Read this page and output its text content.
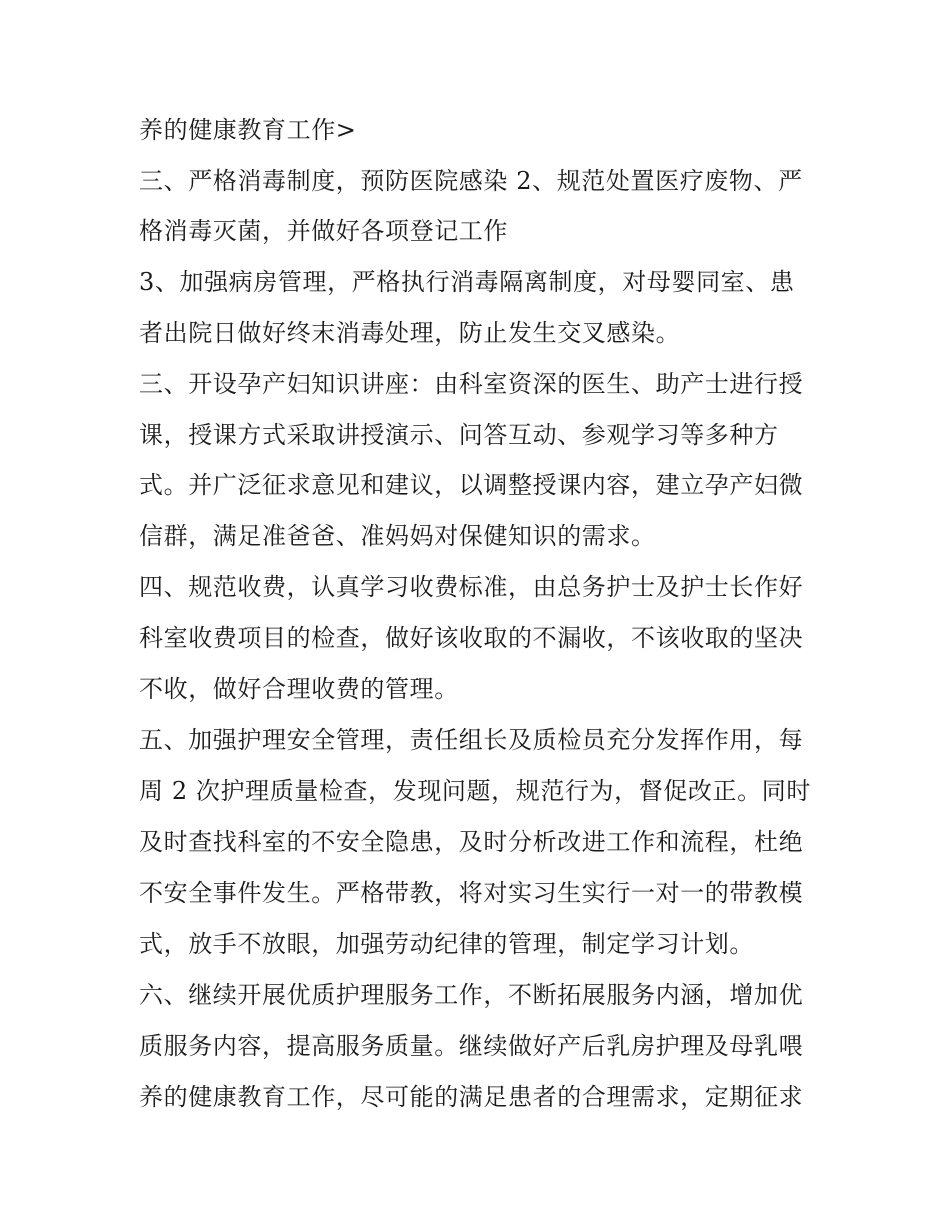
养的健康教育工作>
三、严格消毒制度，预防医院感染 2、规范处置医疗废物、严
格消毒灭菌，并做好各项登记工作
3、加强病房管理，严格执行消毒隔离制度，对母婴同室、患
者出院日做好终末消毒处理，防止发生交叉感染。
三、开设孕产妇知识讲座：由科室资深的医生、助产士进行授
课，授课方式采取讲授演示、问答互动、参观学习等多种方
式。并广泛征求意见和建议，以调整授课内容，建立孕产妇微
信群，满足准爸爸、准妈妈对保健知识的需求。
四、规范收费，认真学习收费标准，由总务护士及护士长作好
科室收费项目的检查，做好该收取的不漏收，不该收取的坚决
不收，做好合理收费的管理。
五、加强护理安全管理，责任组长及质检员充分发挥作用，每
周 2 次护理质量检查，发现问题，规范行为，督促改正。同时
及时查找科室的不安全隐患，及时分析改进工作和流程，杜绝
不安全事件发生。严格带教，将对实习生实行一对一的带教模
式，放手不放眼，加强劳动纪律的管理，制定学习计划。
六、继续开展优质护理服务工作，不断拓展服务内涵，增加优
质服务内容，提高服务质量。继续做好产后乳房护理及母乳喂
养的健康教育工作，尽可能的满足患者的合理需求，定期征求
